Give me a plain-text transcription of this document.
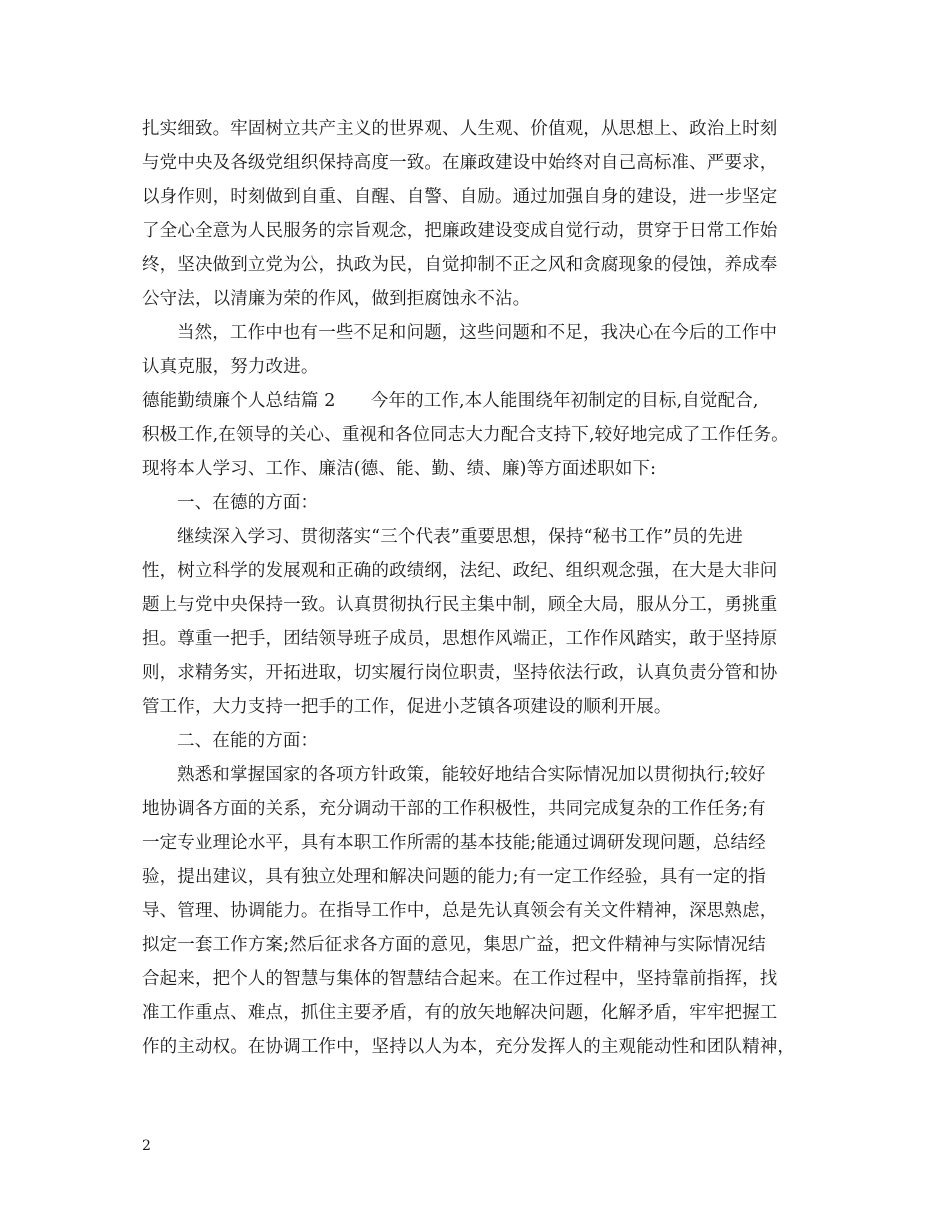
扎实细致。牢固树立共产主义的世界观、人生观、价值观，从思想上、政治上时刻
与党中央及各级党组织保持高度一致。在廉政建设中始终对自己高标准、严要求，
以身作则，时刻做到自重、自醒、自警、自励。通过加强自身的建设，进一步坚定
了全心全意为人民服务的宗旨观念，把廉政建设变成自觉行动，贯穿于日常工作始
终，坚决做到立党为公，执政为民，自觉抑制不正之风和贪腐现象的侵蚀，养成奉
公守法，以清廉为荣的作风，做到拒腐蚀永不沾。
当然，工作中也有一些不足和问题，这些问题和不足，我决心在今后的工作中
认真克服，努力改进。
德能勤绩廉个人总结篇 2　　今年的工作,本人能围绕年初制定的目标,自觉配合,
积极工作,在领导的关心、重视和各位同志大力配合支持下,较好地完成了工作任务。
现将本人学习、工作、廉洁(德、能、勤、绩、廉)等方面述职如下:
一、在德的方面：
继续深入学习、贯彻落实“三个代表”重要思想，保持“秘书工作”员的先进
性，树立科学的发展观和正确的政绩纲，法纪、政纪、组织观念强，在大是大非问
题上与党中央保持一致。认真贯彻执行民主集中制，顾全大局，服从分工，勇挑重
担。尊重一把手，团结领导班子成员，思想作风端正，工作作风踏实，敢于坚持原
则，求精务实，开拓进取，切实履行岗位职责，坚持依法行政，认真负责分管和协
管工作，大力支持一把手的工作，促进小芝镇各项建设的顺利开展。
二、在能的方面：
熟悉和掌握国家的各项方针政策，能较好地结合实际情况加以贯彻执行;较好
地协调各方面的关系，充分调动干部的工作积极性，共同完成复杂的工作任务;有
一定专业理论水平，具有本职工作所需的基本技能;能通过调研发现问题，总结经
验，提出建议，具有独立处理和解决问题的能力;有一定工作经验，具有一定的指
导、管理、协调能力。在指导工作中，总是先认真领会有关文件精神，深思熟虑，
拟定一套工作方案;然后征求各方面的意见，集思广益，把文件精神与实际情况结
合起来，把个人的智慧与集体的智慧结合起来。在工作过程中，坚持靠前指挥，找
准工作重点、难点，抓住主要矛盾，有的放矢地解决问题，化解矛盾，牢牢把握工
作的主动权。在协调工作中，坚持以人为本，充分发挥人的主观能动性和团队精神，
2
